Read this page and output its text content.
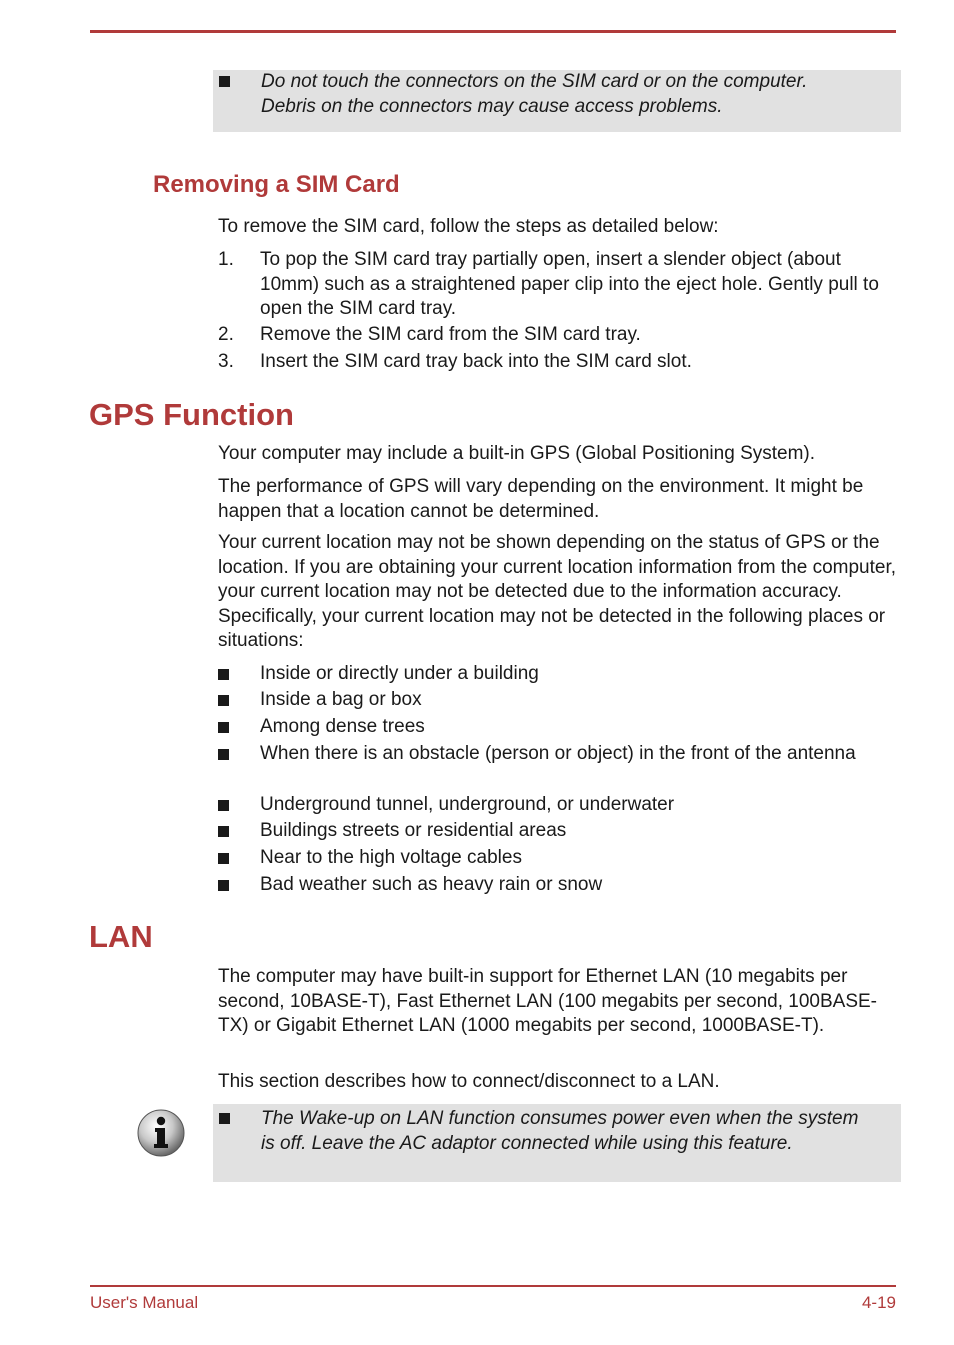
Do not touch the connectors on the SIM card or on the computer.
Debris on the connectors may cause access problems.
Removing a SIM Card
To remove the SIM card, follow the steps as detailed below:
1. To pop the SIM card tray partially open, insert a slender object (about 10mm) such as a straightened paper clip into the eject hole. Gently pull to open the SIM card tray.
2. Remove the SIM card from the SIM card tray.
3. Insert the SIM card tray back into the SIM card slot.
GPS Function
Your computer may include a built-in GPS (Global Positioning System).
The performance of GPS will vary depending on the environment. It might be happen that a location cannot be determined.
Your current location may not be shown depending on the status of GPS or the location. If you are obtaining your current location information from the computer, your current location may not be detected due to the information accuracy. Specifically, your current location may not be detected in the following places or situations:
Inside or directly under a building
Inside a bag or box
Among dense trees
When there is an obstacle (person or object) in the front of the antenna
Underground tunnel, underground, or underwater
Buildings streets or residential areas
Near to the high voltage cables
Bad weather such as heavy rain or snow
LAN
The computer may have built-in support for Ethernet LAN (10 megabits per second, 10BASE-T), Fast Ethernet LAN (100 megabits per second, 100BASE-TX) or Gigabit Ethernet LAN (1000 megabits per second, 1000BASE-T).
This section describes how to connect/disconnect to a LAN.
The Wake-up on LAN function consumes power even when the system is off. Leave the AC adaptor connected while using this feature.
User's Manual	4-19
